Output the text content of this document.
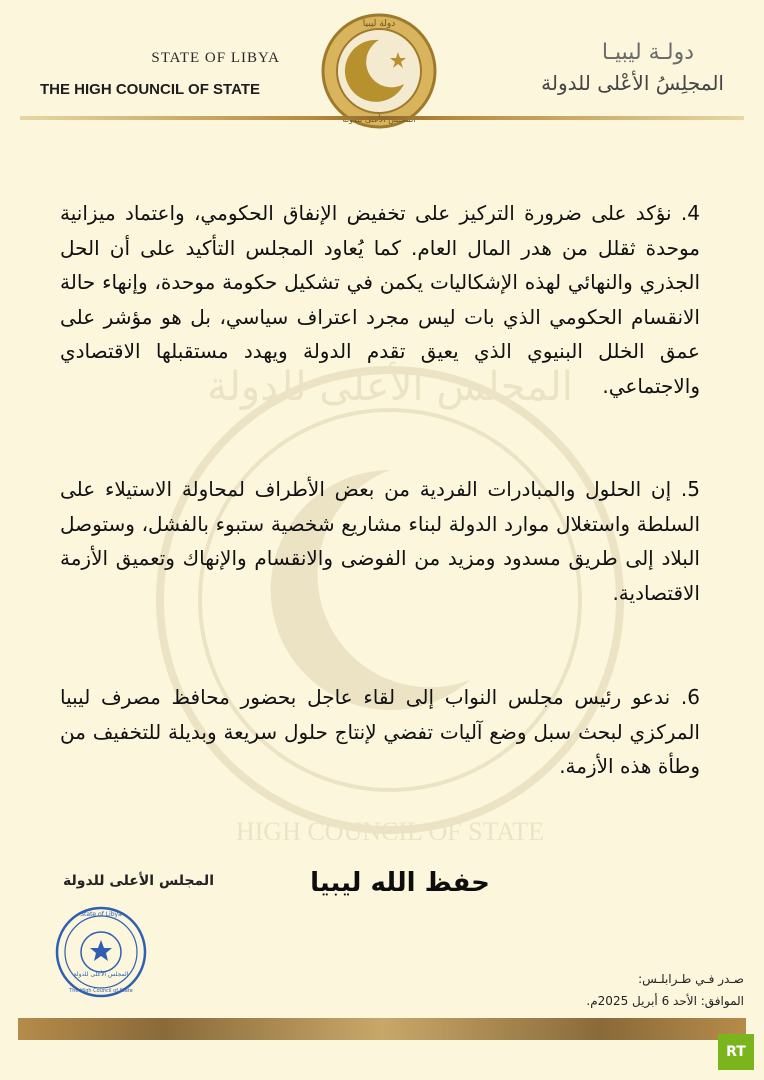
المجلس الأعلى للدولة
HIGH COUNCIL OF STATE
STATE OF LIBYA
THE HIGH COUNCIL OF STATE
دولة ليبيا
دولـة ليبيـا
المجلِسُ الأعْلى للدولة

4. نؤكد على ضرورة التركيز على تخفيض الإنفاق الحكومي، واعتماد ميزانية موحدة ثقلل من هدر المال العام. كما يُعاود المجلس التأكيد على أن الحل الجذري والنهائي لهذه الإشكاليات يكمن في تشكيل حكومة موحدة، وإنهاء حالة الانقسام الحكومي الذي بات ليس مجرد اعتراف سياسي، بل هو مؤشر على عمق الخلل البنيوي الذي يعيق تقدم الدولة ويهدد مستقبلها الاقتصادي والاجتماعي.

5. إن الحلول والمبادرات الفردية من بعض الأطراف لمحاولة الاستيلاء على السلطة واستغلال موارد الدولة لبناء مشاريع شخصية ستبوء بالفشل، وستوصل البلاد إلى طريق مسدود ومزيد من الفوضى والانقسام والإنهاك وتعميق الأزمة الاقتصادية.

6. ندعو رئيس مجلس النواب إلى لقاء عاجل بحضور محافظ مصرف ليبيا المركزي لبحث سبل وضع آليات تفضي لإنتاج حلول سريعة وبديلة للتخفيف من وطأة هذه الأزمة.

المجلس الأعلى للدولة	حفظ الله ليبيا
State of Libya
المجلس الأعلى للدولة
The High Council of State
صـدر فـي طـرابلـس:
الموافق: الأحد 6 أبريل 2025م.
RT
